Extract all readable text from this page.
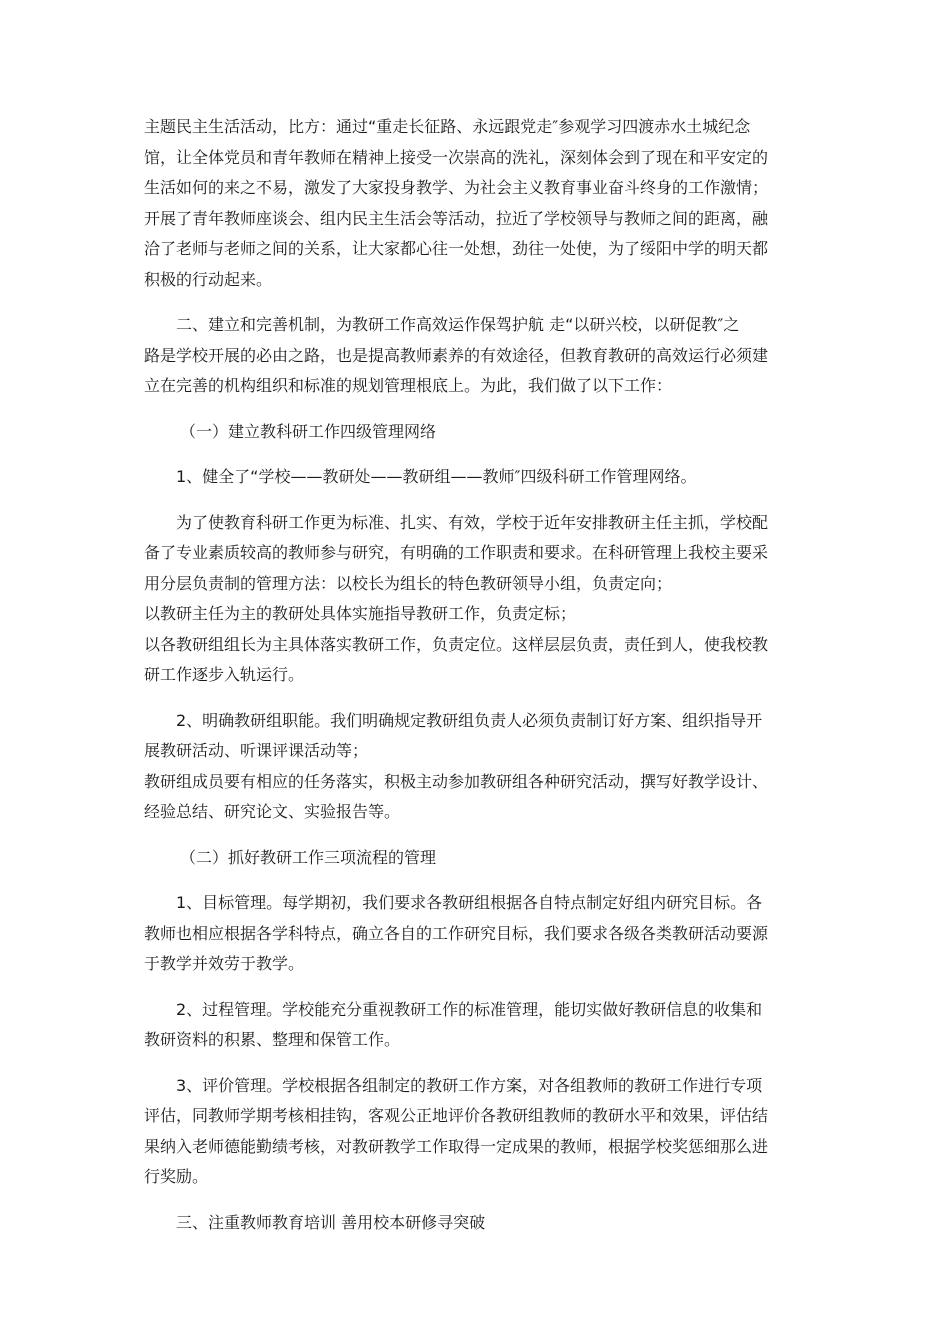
主题民主生活活动，比方：通过“重走长征路、永远跟党走″参观学习四渡赤水土城纪念
馆，让全体党员和青年教师在精神上接受一次崇高的洗礼，深刻体会到了现在和平安定的
生活如何的来之不易，激发了大家投身教学、为社会主义教育事业奋斗终身的工作激情；
开展了青年教师座谈会、组内民主生活会等活动，拉近了学校领导与教师之间的距离，融
洽了老师与老师之间的关系，让大家都心往一处想，劲往一处使，为了绥阳中学的明天都
积极的行动起来。

二、建立和完善机制，为教研工作高效运作保驾护航 走“以研兴校，以研促教″之
路是学校开展的必由之路，也是提高教师素养的有效途径，但教育教研的高效运行必须建
立在完善的机构组织和标准的规划管理根底上。为此，我们做了以下工作：

（一）建立教科研工作四级管理网络

1、健全了“学校——教研处——教研组——教师″四级科研工作管理网络。

为了使教育科研工作更为标准、扎实、有效，学校于近年安排教研主任主抓，学校配
备了专业素质较高的教师参与研究，有明确的工作职责和要求。在科研管理上我校主要采
用分层负责制的管理方法：以校长为组长的特色教研领导小组，负责定向；
以教研主任为主的教研处具体实施指导教研工作，负责定标；
以各教研组组长为主具体落实教研工作，负责定位。这样层层负责，责任到人，使我校教
研工作逐步入轨运行。

2、明确教研组职能。我们明确规定教研组负责人必须负责制订好方案、组织指导开
展教研活动、听课评课活动等；
教研组成员要有相应的任务落实，积极主动参加教研组各种研究活动，撰写好教学设计、
经验总结、研究论文、实验报告等。

（二）抓好教研工作三项流程的管理

1、目标管理。每学期初，我们要求各教研组根据各自特点制定好组内研究目标。各
教师也相应根据各学科特点，确立各自的工作研究目标，我们要求各级各类教研活动要源
于教学并效劳于教学。

2、过程管理。学校能充分重视教研工作的标准管理，能切实做好教研信息的收集和
教研资料的积累、整理和保管工作。

3、评价管理。学校根据各组制定的教研工作方案，对各组教师的教研工作进行专项
评估，同教师学期考核相挂钩，客观公正地评价各教研组教师的教研水平和效果，评估结
果纳入老师德能勤绩考核，对教研教学工作取得一定成果的教师，根据学校奖惩细那么进
行奖励。

三、注重教师教育培训 善用校本研修寻突破
